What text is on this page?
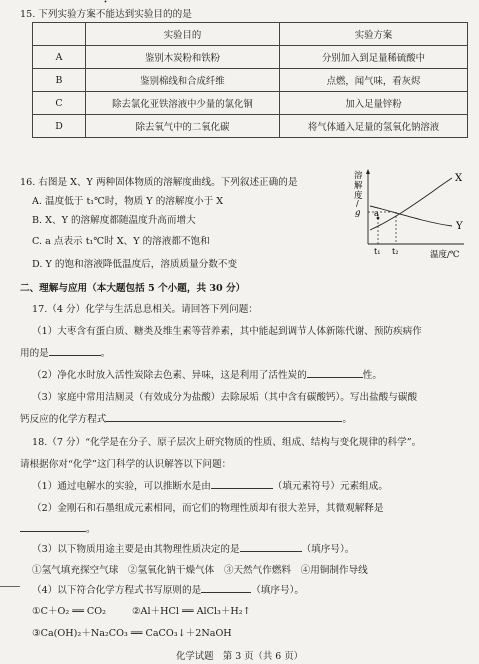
15. 下列实验方案不能达到实验目的的是
	实验目的	实验方案
A	鉴别木炭粉和铁粉	分别加入到足量稀硫酸中
B	鉴别棉线和合成纤维	点燃，闻气味，看灰烬
C	除去氯化亚铁溶液中少量的氯化铜	加入足量锌粉
D	除去氧气中的二氧化碳	将气体通入足量的氢氧化钠溶液
16. 右图是 X、Y 两种固体物质的溶解度曲线。下列叙述正确的是
A. 温度低于 t₁℃时，物质 Y 的溶解度小于 X
B. X、Y 的溶解度都随温度升高而增大
C. a 点表示 t₁℃时 X、Y 的溶液都不饱和
D. Y 的饱和溶液降低温度后，溶质质量分数不变
溶
解
度
/
g a
X
Y
t₁ t₂	温度/℃
二、理解与应用（本大题包括 5 个小题，共 30 分）
17.（4 分）化学与生活息息相关。请回答下列问题：
（1）大枣含有蛋白质、糖类及维生素等营养素，其中能起到调节人体新陈代谢、预防疾病作
用的是	。
（2）净化水时放入活性炭除去色素、异味，这是利用了活性炭的	性。
（3）家庭中常用洁厕灵（有效成分为盐酸）去除尿垢（其中含有碳酸钙）。写出盐酸与碳酸
钙反应的化学方程式	。
18.（7 分）“化学是在分子、原子层次上研究物质的性质、组成、结构与变化规律的科学”。
请根据你对“化学”这门科学的认识解答以下问题：
（1）通过电解水的实验，可以推断水是由	（填元素符号）元素组成。
（2）金刚石和石墨组成元素相同，而它们的物理性质却有很大差异，其微观解释是
。
（3）以下物质用途主要是由其物理性质决定的是	（填序号）。
①氢气填充探空气球　②氢氧化钠干燥气体　③天然气作燃料　④用铜制作导线
（4）以下符合化学方程式书写原则的是	（填序号）。
①C＋O₂ ══ CO₂	②Al＋HCl ══ AlCl₃＋H₂↑
③Ca(OH)₂＋Na₂CO₃ ══ CaCO₃↓＋2NaOH
化学试题　第 3 页（共 6 页）
